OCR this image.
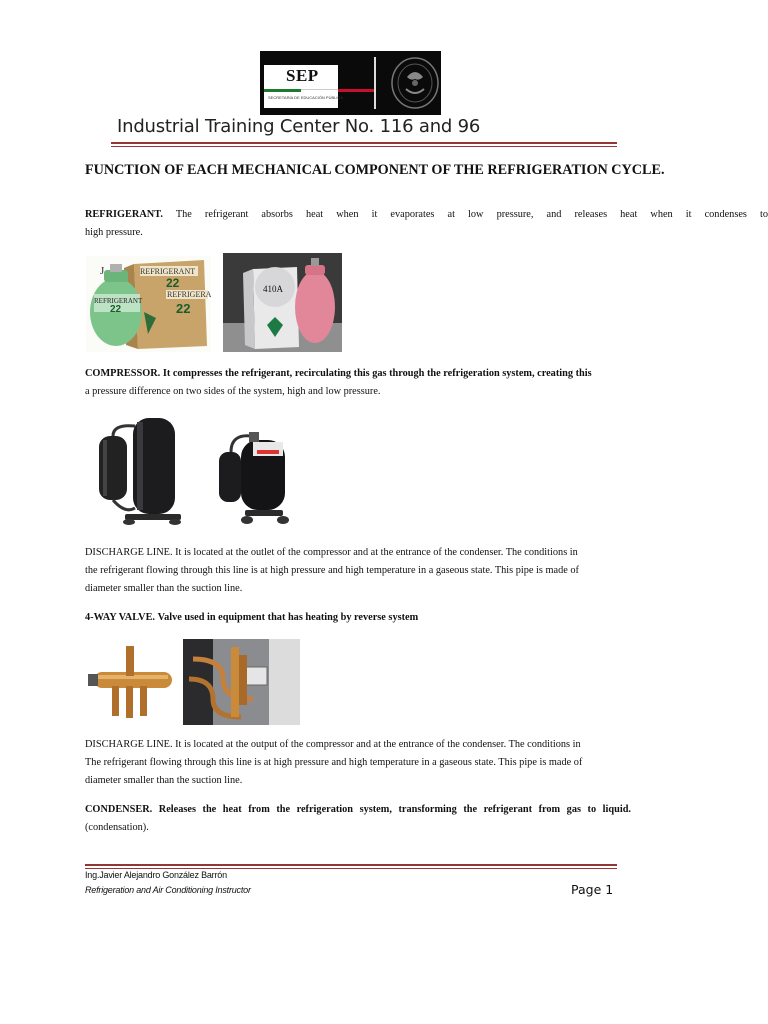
SEP
SECRETARÍA DE EDUCACIÓN PÚBLICA
Industrial Training Center No. 116 and 96
FUNCTION OF EACH MECHANICAL COMPONENT OF THE REFRIGERATION CYCLE.
REFRIGERANT. The refrigerant absorbs heat when it evaporates at low pressure, and releases heat when it condenses to
high pressure.
REFRIGERANT
22
REFRIGERA
22
J
REFRIGERANT
22
410A
COMPRESSOR. It compresses the refrigerant, recirculating this gas through the refrigeration system, creating this
a pressure difference on two sides of the system, high and low pressure.
DISCHARGE LINE. It is located at the outlet of the compressor and at the entrance of the condenser. The conditions in
the refrigerant flowing through this line is at high pressure and high temperature in a gaseous state. This pipe is made of
diameter smaller than the suction line.
4-WAY VALVE. Valve used in equipment that has heating by reverse system
DISCHARGE LINE. It is located at the output of the compressor and at the entrance of the condenser. The conditions in
The refrigerant flowing through this line is at high pressure and high temperature in a gaseous state. This pipe is made of
diameter smaller than the suction line.
CONDENSER. Releases the heat from the refrigeration system, transforming the refrigerant from gas to liquid.
(condensation).
Ing.Javier Alejandro González Barrón
Refrigeration and Air Conditioning Instructor	Page 1
